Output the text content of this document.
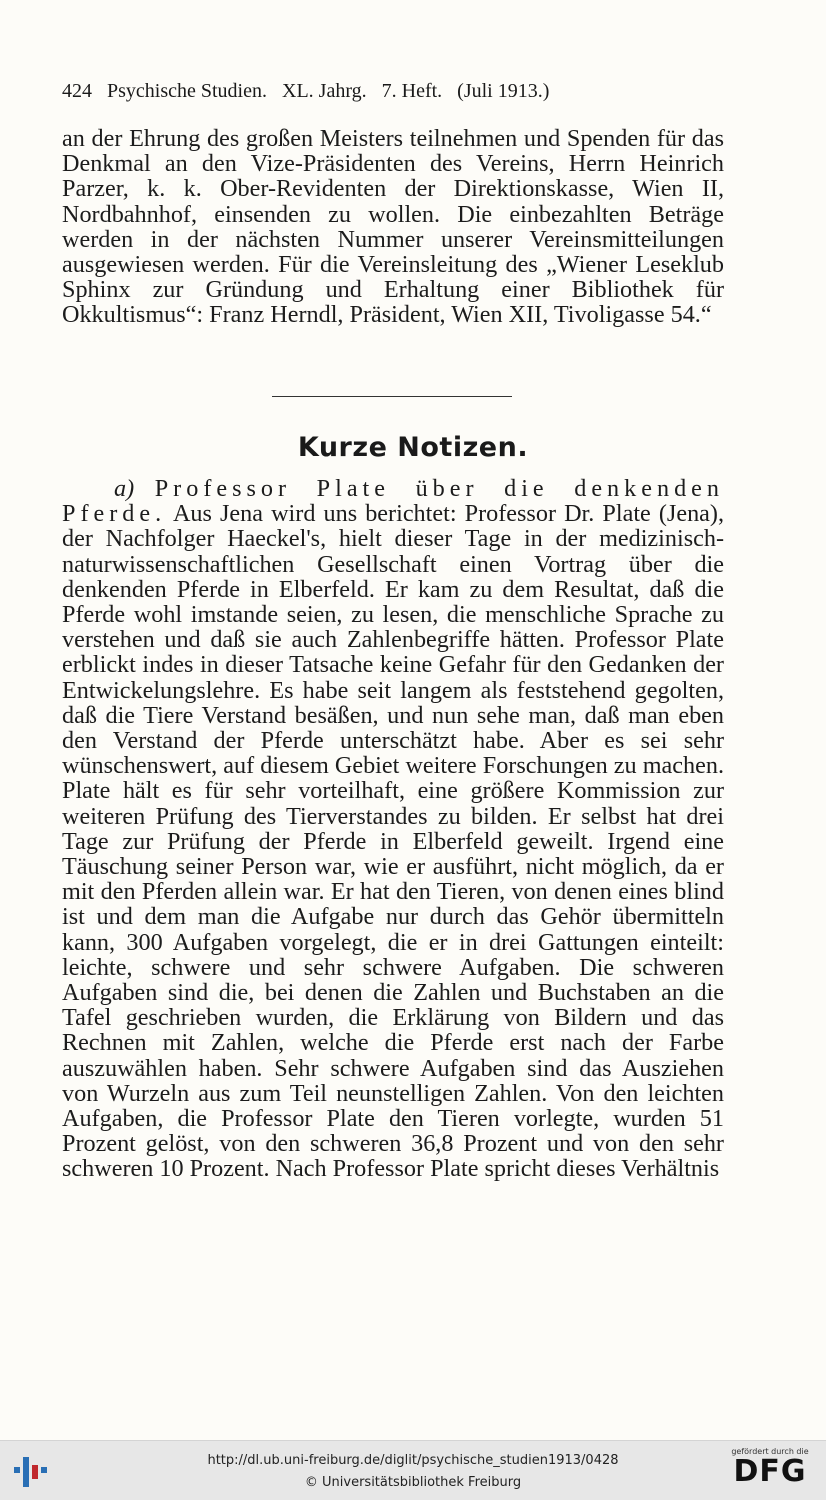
424 Psychische Studien. XL. Jahrg. 7. Heft. (Juli 1913.)

an der Ehrung des großen Meisters teilnehmen und Spenden für das Denkmal an den Vize-Präsidenten des Vereins, Herrn Heinrich Parzer, k. k. Ober-Revidenten der Direktionskasse, Wien II, Nordbahnhof, einsenden zu wollen. Die einbezahlten Beträge werden in der nächsten Nummer unserer Vereinsmitteilungen ausgewiesen werden. Für die Vereinsleitung des „Wiener Leseklub Sphinx zur Gründung und Erhaltung einer Bibliothek für Okkultismus“: Franz Herndl, Präsident, Wien XII, Tivoligasse 54.“

Kurze Notizen.

a) Professor Plate über die denkenden Pferde. Aus Jena wird uns berichtet: Professor Dr. Plate (Jena), der Nachfolger Haeckel's, hielt dieser Tage in der medizinisch-naturwissenschaftlichen Gesellschaft einen Vortrag über die denkenden Pferde in Elberfeld. Er kam zu dem Resultat, daß die Pferde wohl imstande seien, zu lesen, die menschliche Sprache zu verstehen und daß sie auch Zahlenbegriffe hätten. Professor Plate erblickt indes in dieser Tatsache keine Gefahr für den Gedanken der Entwickelungslehre. Es habe seit langem als feststehend gegolten, daß die Tiere Verstand besäßen, und nun sehe man, daß man eben den Verstand der Pferde unterschätzt habe. Aber es sei sehr wünschenswert, auf diesem Gebiet weitere Forschungen zu machen. Plate hält es für sehr vorteilhaft, eine größere Kommission zur weiteren Prüfung des Tierverstandes zu bilden. Er selbst hat drei Tage zur Prüfung der Pferde in Elberfeld geweilt. Irgend eine Täuschung seiner Person war, wie er ausführt, nicht möglich, da er mit den Pferden allein war. Er hat den Tieren, von denen eines blind ist und dem man die Aufgabe nur durch das Gehör übermitteln kann, 300 Aufgaben vorgelegt, die er in drei Gattungen einteilt: leichte, schwere und sehr schwere Aufgaben. Die schweren Aufgaben sind die, bei denen die Zahlen und Buchstaben an die Tafel geschrieben wurden, die Erklärung von Bildern und das Rechnen mit Zahlen, welche die Pferde erst nach der Farbe auszuwählen haben. Sehr schwere Aufgaben sind das Ausziehen von Wurzeln aus zum Teil neunstelligen Zahlen. Von den leichten Aufgaben, die Professor Plate den Tieren vorlegte, wurden 51 Prozent gelöst, von den schweren 36,8 Prozent und von den sehr schweren 10 Prozent. Nach Professor Plate spricht dieses Verhältnis

http://dl.ub.uni-freiburg.de/diglit/psychische_studien1913/0428
© Universitätsbibliothek Freiburg
gefördert durch die
DFG
